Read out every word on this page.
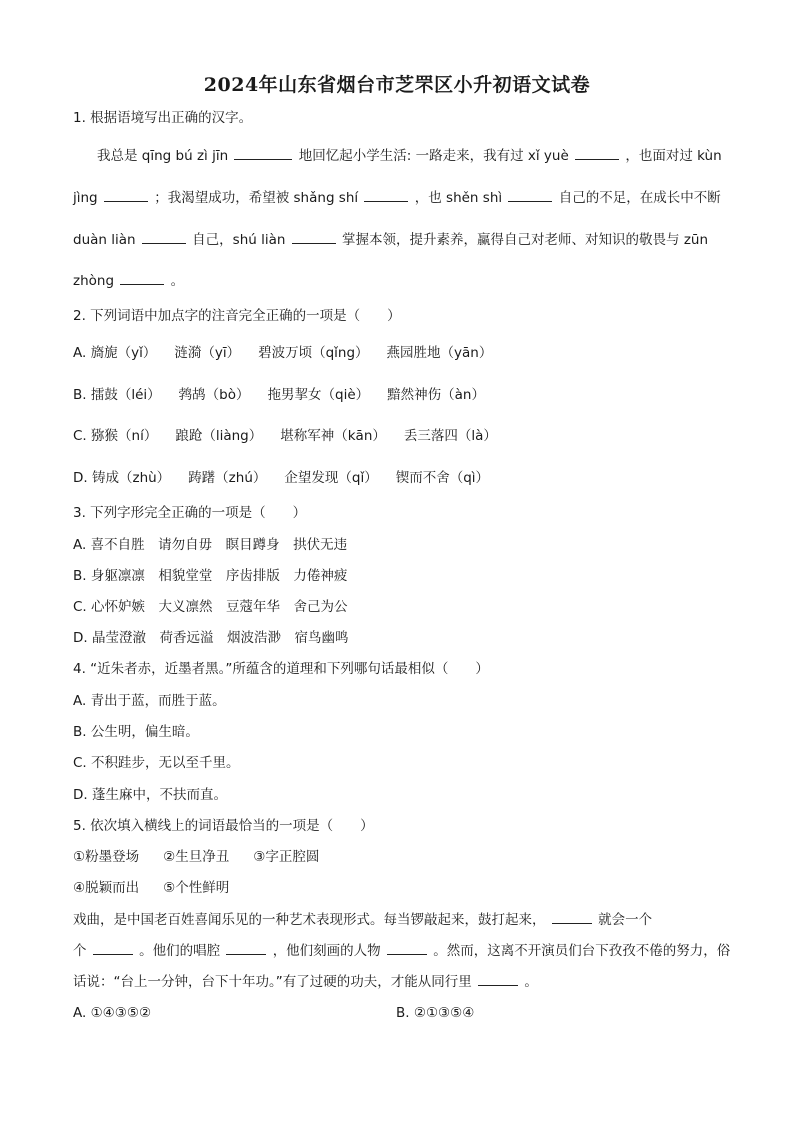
2024年山东省烟台市芝罘区小升初语文试卷
1. 根据语境写出正确的汉字。
我总是 qīng bú zì jīn	地回忆起小学生活: 一路走来，我有过 xǐ yuè	，也面对过 kùn
jìng	；我渴望成功，希望被 shǎng shí	，也 shěn shì	自己的不足，在成长中不断
duàn liàn	自己，shú liàn	掌握本领，提升素养，赢得自己对老师、对知识的敬畏与 zūn
zhòng	。
2. 下列词语中加点字的注音完全正确的一项是（　　）
A. 旖旎（yǐ） 涟漪（yī） 碧波万顷（qǐng） 燕园胜地（yān）
B. 擂鼓（léi） 鹁鸪（bò） 拖男挈女（qiè） 黯然神伤（àn）
C. 猕猴（ní） 踉跄（liàng） 堪称军神（kān） 丢三落四（là）
D. 铸成（zhù） 踌躇（zhú） 企望发现（qǐ） 锲而不舍（qì）
3. 下列字形完全正确的一项是（　　）
A. 喜不自胜　请勿自毋　瞑目蹲身　拱伏无违
B. 身躯凛凛　相貌堂堂　序齿排版　力倦神疲
C. 心怀妒嫉　大义凛然　豆蔻年华　舍己为公
D. 晶莹澄澈　荷香远溢　烟波浩渺　宿鸟幽鸣
4. “近朱者赤，近墨者黑。”所蕴含的道理和下列哪句话最相似（　　）
A. 青出于蓝，而胜于蓝。
B. 公生明，偏生暗。
C. 不积跬步，无以至千里。
D. 蓬生麻中，不扶而直。
5. 依次填入横线上的词语最恰当的一项是（　　）
①粉墨登场 ②生旦净丑 ③字正腔圆
④脱颖而出 ⑤个性鲜明
戏曲，是中国老百姓喜闻乐见的一种艺术表现形式。每当锣敲起来，鼓打起来，	就会一个
个	。他们的唱腔	，他们刻画的人物	。然而，这离不开演员们台下孜孜不倦的努力，俗
话说：“台上一分钟，台下十年功。”有了过硬的功夫，才能从同行里	。
A. ①④③⑤②	B. ②①③⑤④
